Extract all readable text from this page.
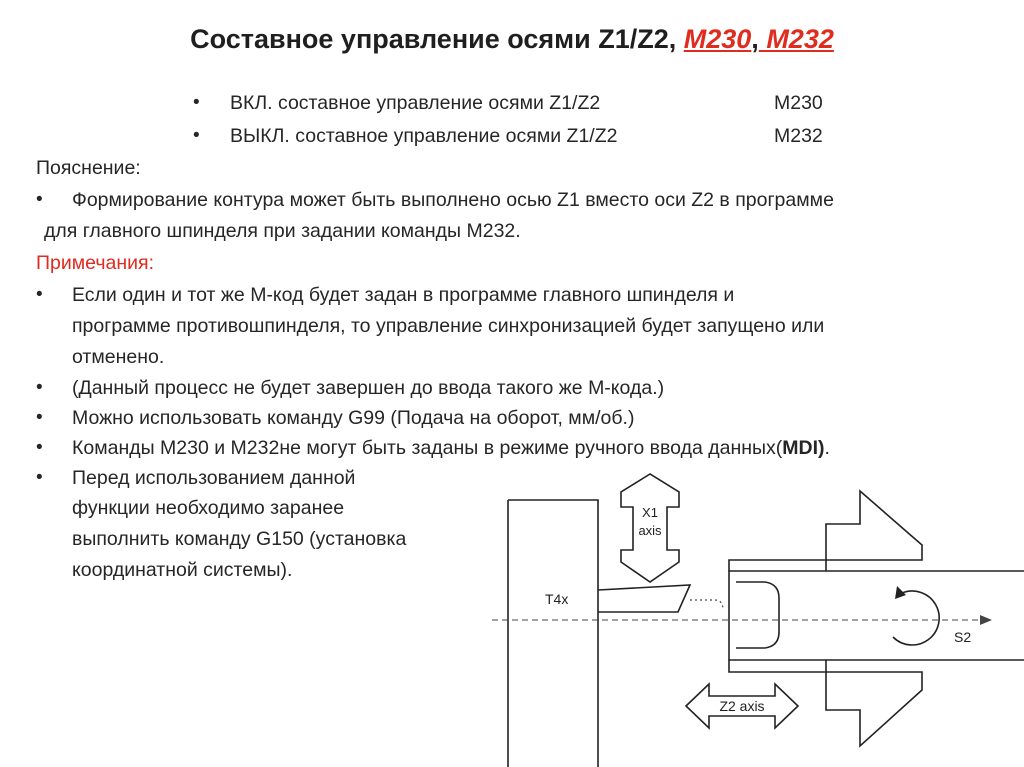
Составное управление осями Z1/Z2, М230, М232
• ВКЛ. составное управление осями Z1/Z2	M230
• ВЫКЛ. составное управление осями Z1/Z2	M232
Пояснение:
• Формирование контура может быть выполнено осью Z1 вместо оси Z2 в программе
для главного шпинделя при задании команды М232.
Примечания:
• Если один и тот же М-код будет задан в программе главного шпинделя и
программе противошпинделя, то управление синхронизацией будет запущено или
отменено.
• (Данный процесс не будет завершен до ввода такого же М-кода.)
• Можно использовать команду G99 (Подача на оборот, мм/об.)
• Команды М230 и М232не могут быть заданы в режиме ручного ввода данных(MDI).
• Перед использованием данной
функции необходимо заранее
выполнить команду G150 (установка
координатной системы).
X1
axis
T4x
S2
Z2 axis
